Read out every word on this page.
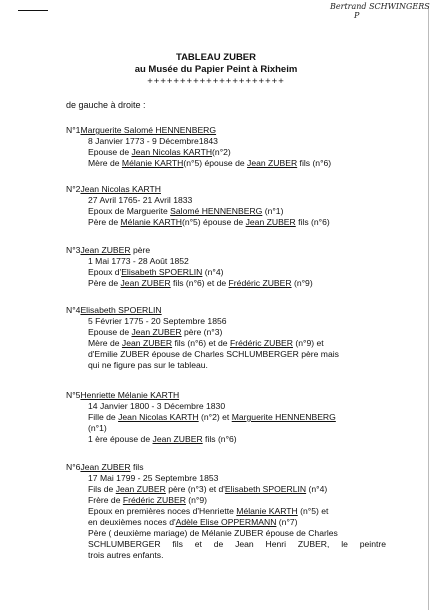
Bertrand SCHWINGERS
P
TABLEAU ZUBER
au Musée du Papier Peint à Rixheim
+++++++++++++++++++++
de gauche à droite :
N°1Marguerite Salomé HENNENBERG
8 Janvier 1773 - 9 Décembre1843
Epouse de Jean Nicolas KARTH(n°2)
Mère de Mélanie KARTH(n°5) épouse de Jean ZUBER fils (n°6)
N°2Jean Nicolas KARTH
27 Avril 1765- 21 Avril 1833
Epoux de Marguerite Salomé HENNENBERG (n°1)
Père de Mélanie KARTH(n°5) épouse de Jean ZUBER fils (n°6)
N°3Jean ZUBER père
1 Mai 1773 - 28 Août 1852
Epoux d'Elisabeth SPOERLIN (n°4)
Père de Jean ZUBER fils (n°6) et de Frédéric ZUBER (n°9)
N°4Elisabeth SPOERLIN
5 Février 1775 - 20 Septembre 1856
Epouse de Jean ZUBER père (n°3)
Mère de Jean ZUBER fils (n°6) et de Frédéric ZUBER (n°9) et
d'Emilie ZUBER épouse de Charles SCHLUMBERGER père mais
qui ne figure pas sur le tableau.
N°5Henriette Mélanie KARTH
14 Janvier 1800 - 3 Décembre 1830
Fille de Jean Nicolas KARTH (n°2) et Marguerite HENNENBERG
(n°1)
1 ère épouse de Jean ZUBER fils (n°6)
N°6Jean ZUBER fils
17 Mai 1799 - 25 Septembre 1853
Fils de Jean ZUBER père (n°3) et d'Elisabeth SPOERLIN (n°4)
Frère de Frédéric ZUBER (n°9)
Epoux en premières noces d'Henriette Mélanie KARTH (n°5) et
en deuxièmes noces d'Adèle Elise OPPERMANN (n°7)
Père ( deuxième mariage) de Mélanie ZUBER épouse de Charles
SCHLUMBERGER fils et de Jean Henri ZUBER, le peintre
trois autres enfants.
